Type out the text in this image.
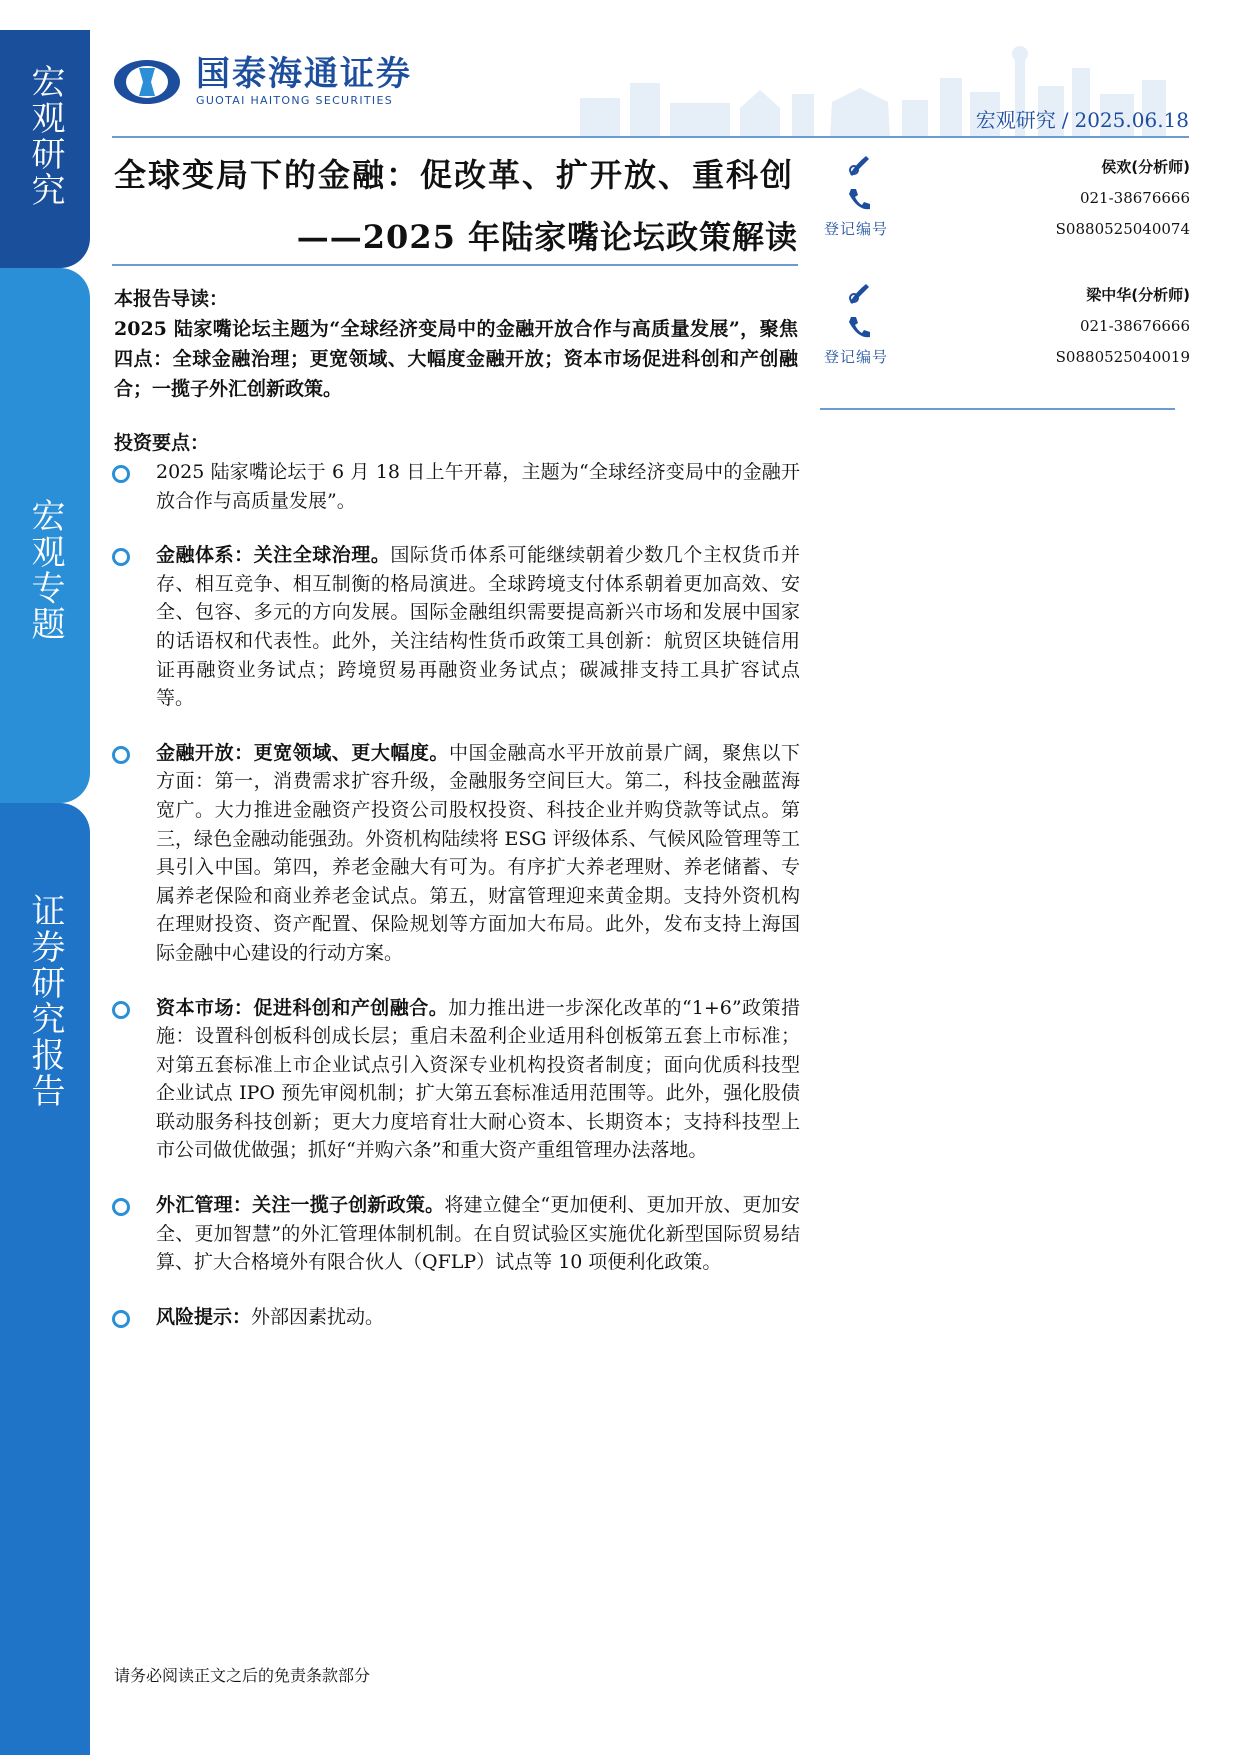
宏观研究
宏观专题
证券研究报告
国泰海通证券
GUOTAI HAITONG SECURITIES
宏观研究 / 2025.06.18
全球变局下的金融：促改革、扩开放、重科创
——2025 年陆家嘴论坛政策解读
登记编号
侯欢(分析师)
021-38676666
S0880525040074

登记编号
梁中华(分析师)
021-38676666
S0880525040019
本报告导读：
2025 陆家嘴论坛主题为“全球经济变局中的金融开放合作与高质量发展”，聚焦四点：全球金融治理；更宽领域、大幅度金融开放；资本市场促进科创和产创融合；一揽子外汇创新政策。
投资要点：
2025 陆家嘴论坛于 6 月 18 日上午开幕，主题为“全球经济变局中的金融开放合作与高质量发展”。
金融体系：关注全球治理。国际货币体系可能继续朝着少数几个主权货币并存、相互竞争、相互制衡的格局演进。全球跨境支付体系朝着更加高效、安全、包容、多元的方向发展。国际金融组织需要提高新兴市场和发展中国家的话语权和代表性。此外，关注结构性货币政策工具创新：航贸区块链信用证再融资业务试点；跨境贸易再融资业务试点；碳减排支持工具扩容试点等。
金融开放：更宽领域、更大幅度。中国金融高水平开放前景广阔，聚焦以下方面：第一，消费需求扩容升级，金融服务空间巨大。第二，科技金融蓝海宽广。大力推进金融资产投资公司股权投资、科技企业并购贷款等试点。第三，绿色金融动能强劲。外资机构陆续将 ESG 评级体系、气候风险管理等工具引入中国。第四，养老金融大有可为。有序扩大养老理财、养老储蓄、专属养老保险和商业养老金试点。第五，财富管理迎来黄金期。支持外资机构在理财投资、资产配置、保险规划等方面加大布局。此外，发布支持上海国际金融中心建设的行动方案。
资本市场：促进科创和产创融合。加力推出进一步深化改革的“1+6”政策措施：设置科创板科创成长层；重启未盈利企业适用科创板第五套上市标准；对第五套标准上市企业试点引入资深专业机构投资者制度；面向优质科技型企业试点 IPO 预先审阅机制；扩大第五套标准适用范围等。此外，强化股债联动服务科技创新；更大力度培育壮大耐心资本、长期资本；支持科技型上市公司做优做强；抓好“并购六条”和重大资产重组管理办法落地。
外汇管理：关注一揽子创新政策。将建立健全“更加便利、更加开放、更加安全、更加智慧”的外汇管理体制机制。在自贸试验区实施优化新型国际贸易结算、扩大合格境外有限合伙人（QFLP）试点等 10 项便利化政策。
风险提示：外部因素扰动。
请务必阅读正文之后的免责条款部分
